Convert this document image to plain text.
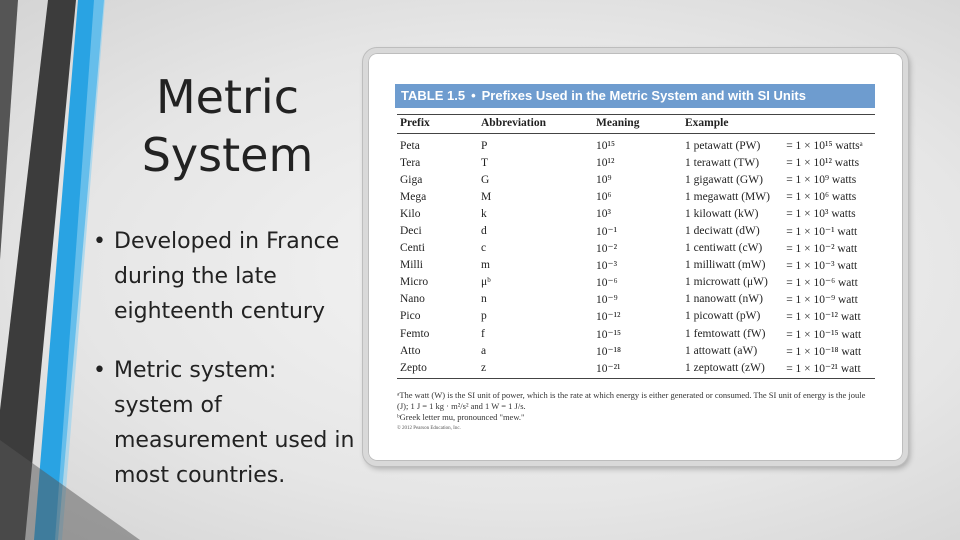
Metric
System
• Developed in France during the late eighteenth century
• Metric system: system of measurement used in most countries.
TABLE 1.5 • Prefixes Used in the Metric System and with SI Units
Prefix	Abbreviation	Meaning	Example	
Peta	P	10¹⁵	1 petawatt (PW)	= 1 × 10¹⁵ wattsᵃ
Tera	T	10¹²	1 terawatt (TW)	= 1 × 10¹² watts
Giga	G	10⁹	1 gigawatt (GW)	= 1 × 10⁹ watts
Mega	M	10⁶	1 megawatt (MW)	= 1 × 10⁶ watts
Kilo	k	10³	1 kilowatt (kW)	= 1 × 10³ watts
Deci	d	10⁻¹	1 deciwatt (dW)	= 1 × 10⁻¹ watt
Centi	c	10⁻²	1 centiwatt (cW)	= 1 × 10⁻² watt
Milli	m	10⁻³	1 milliwatt (mW)	= 1 × 10⁻³ watt
Micro	μᵇ	10⁻⁶	1 microwatt (μW)	= 1 × 10⁻⁶ watt
Nano	n	10⁻⁹	1 nanowatt (nW)	= 1 × 10⁻⁹ watt
Pico	p	10⁻¹²	1 picowatt (pW)	= 1 × 10⁻¹² watt
Femto	f	10⁻¹⁵	1 femtowatt (fW)	= 1 × 10⁻¹⁵ watt
Atto	a	10⁻¹⁸	1 attowatt (aW)	= 1 × 10⁻¹⁸ watt
Zepto	z	10⁻²¹	1 zeptowatt (zW)	= 1 × 10⁻²¹ watt
ᵃThe watt (W) is the SI unit of power, which is the rate at which energy is either generated or consumed. The SI unit of energy is the joule (J); 1 J = 1 kg · m²/s² and 1 W = 1 J/s.
ᵇGreek letter mu, pronounced "mew."
© 2012 Pearson Education, Inc.
